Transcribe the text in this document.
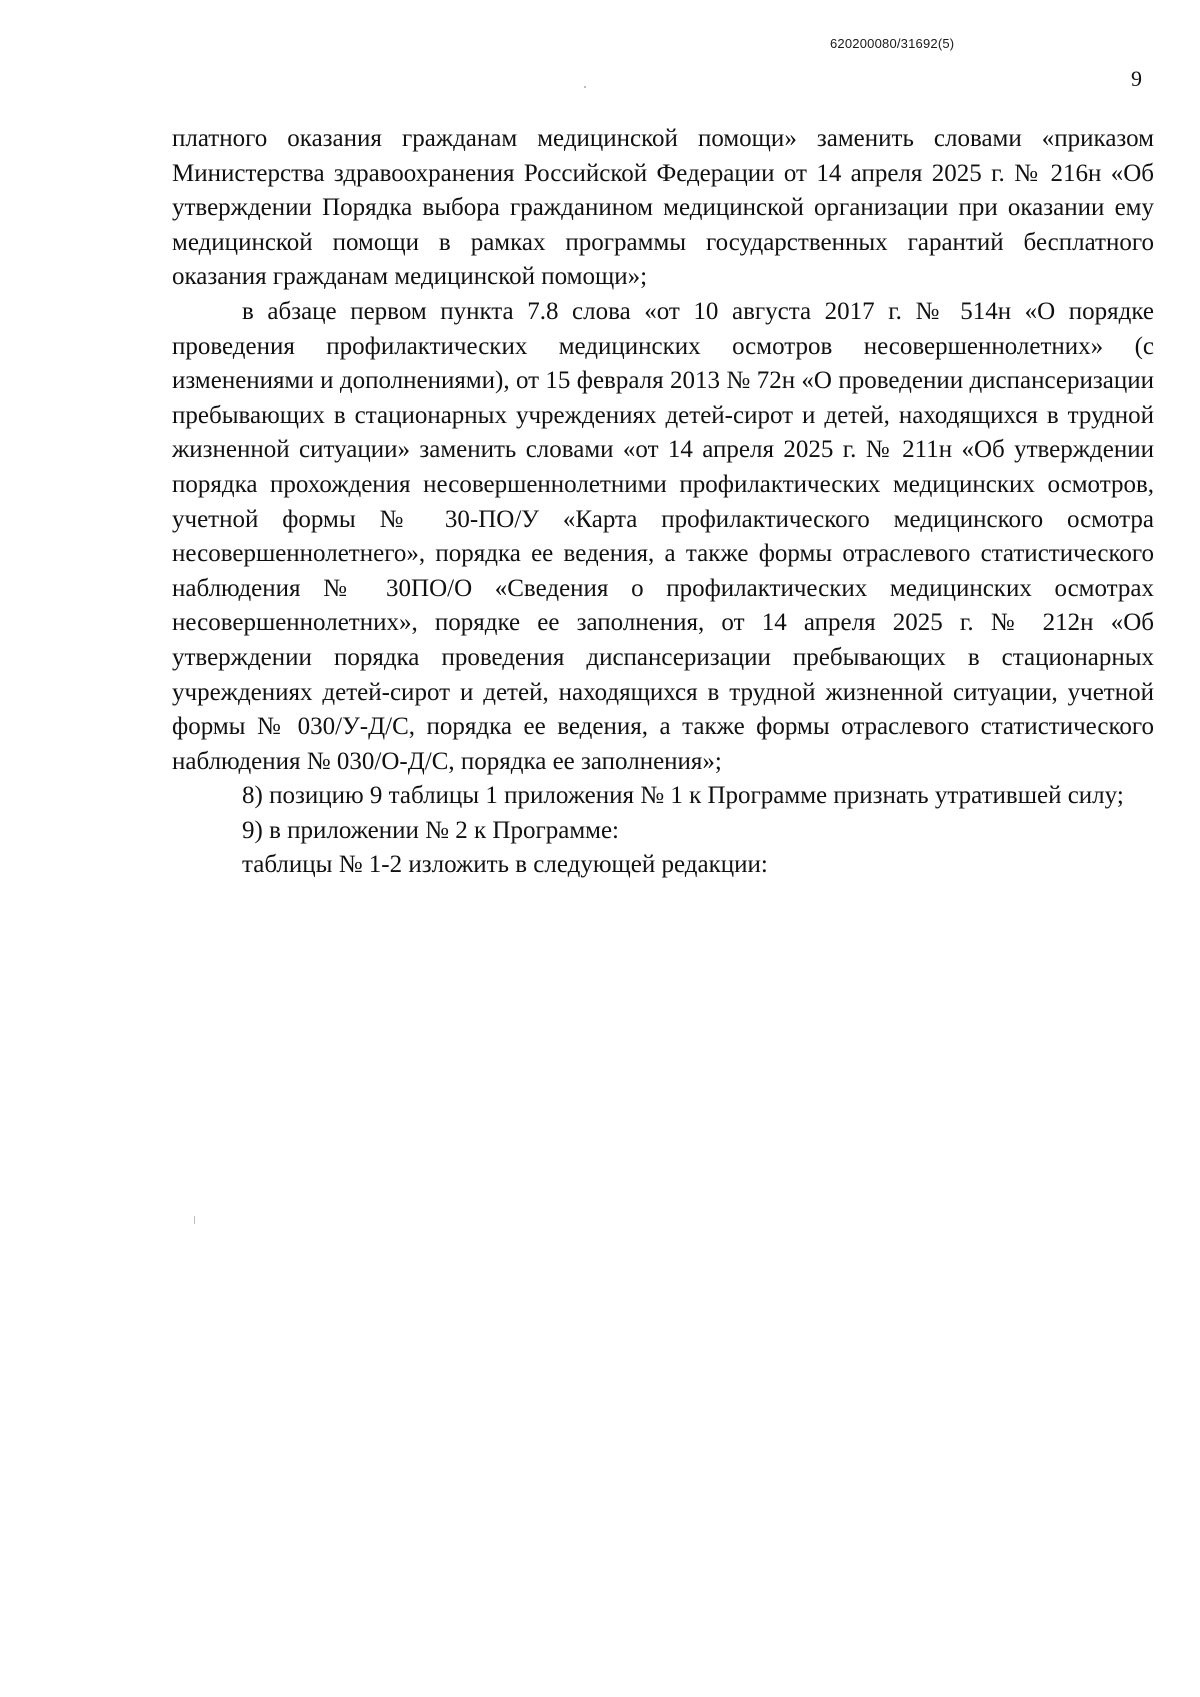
620200080/31692(5)
9

платного оказания гражданам медицинской помощи» заменить словами «приказом Министерства здравоохранения Российской Федерации от 14 апреля 2025 г. № 216н «Об утверждении Порядка выбора гражданином медицинской организации при оказании ему медицинской помощи в рамках программы государственных гарантий бесплатного оказания гражданам медицинской помощи»;

в абзаце первом пункта 7.8 слова «от 10 августа 2017 г. № 514н «О порядке проведения профилактических медицинских осмотров несовершеннолетних» (с изменениями и дополнениями), от 15 февраля 2013 № 72н «О проведении диспансеризации пребывающих в стационарных учреждениях детей-сирот и детей, находящихся в трудной жизненной ситуации» заменить словами «от 14 апреля 2025 г. № 211н «Об утверждении порядка прохождения несовершеннолетними профилактических медицинских осмотров, учетной формы № 30-ПО/У «Карта профилактического медицинского осмотра несовершеннолетнего», порядка ее ведения, а также формы отраслевого статистического наблюдения № 30ПО/О «Сведения о профилактических медицинских осмотрах несовершеннолетних», порядке ее заполнения, от 14 апреля 2025 г. № 212н «Об утверждении порядка проведения диспансеризации пребывающих в стационарных учреждениях детей-сирот и детей, находящихся в трудной жизненной ситуации, учетной формы № 030/У-Д/С, порядка ее ведения, а также формы отраслевого статистического наблюдения № 030/О-Д/С, порядка ее заполнения»;

8) позицию 9 таблицы 1 приложения № 1 к Программе признать утратившей силу;

9) в приложении № 2 к Программе:

таблицы № 1-2 изложить в следующей редакции:
